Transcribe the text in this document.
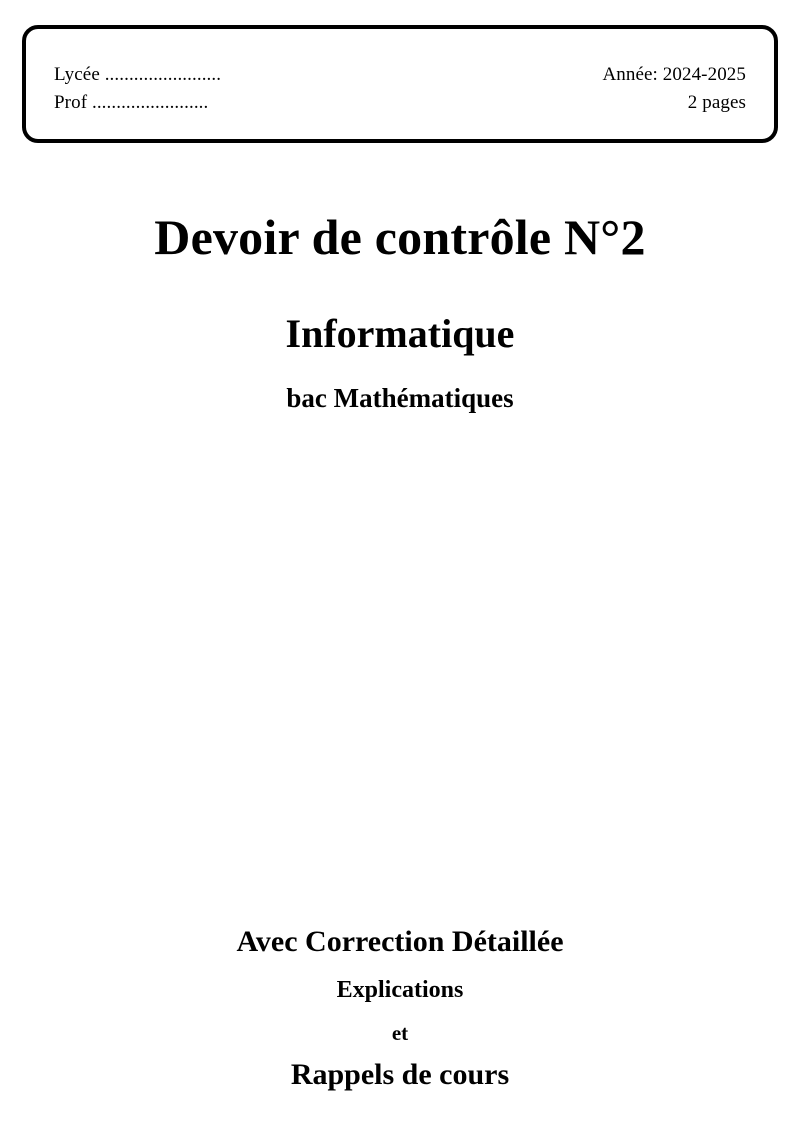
Lycée ........................	Année: 2024-2025
Prof ........................	2 pages
Devoir de contrôle N°2
Informatique
bac Mathématiques
Avec Correction Détaillée
Explications
et
Rappels de cours
